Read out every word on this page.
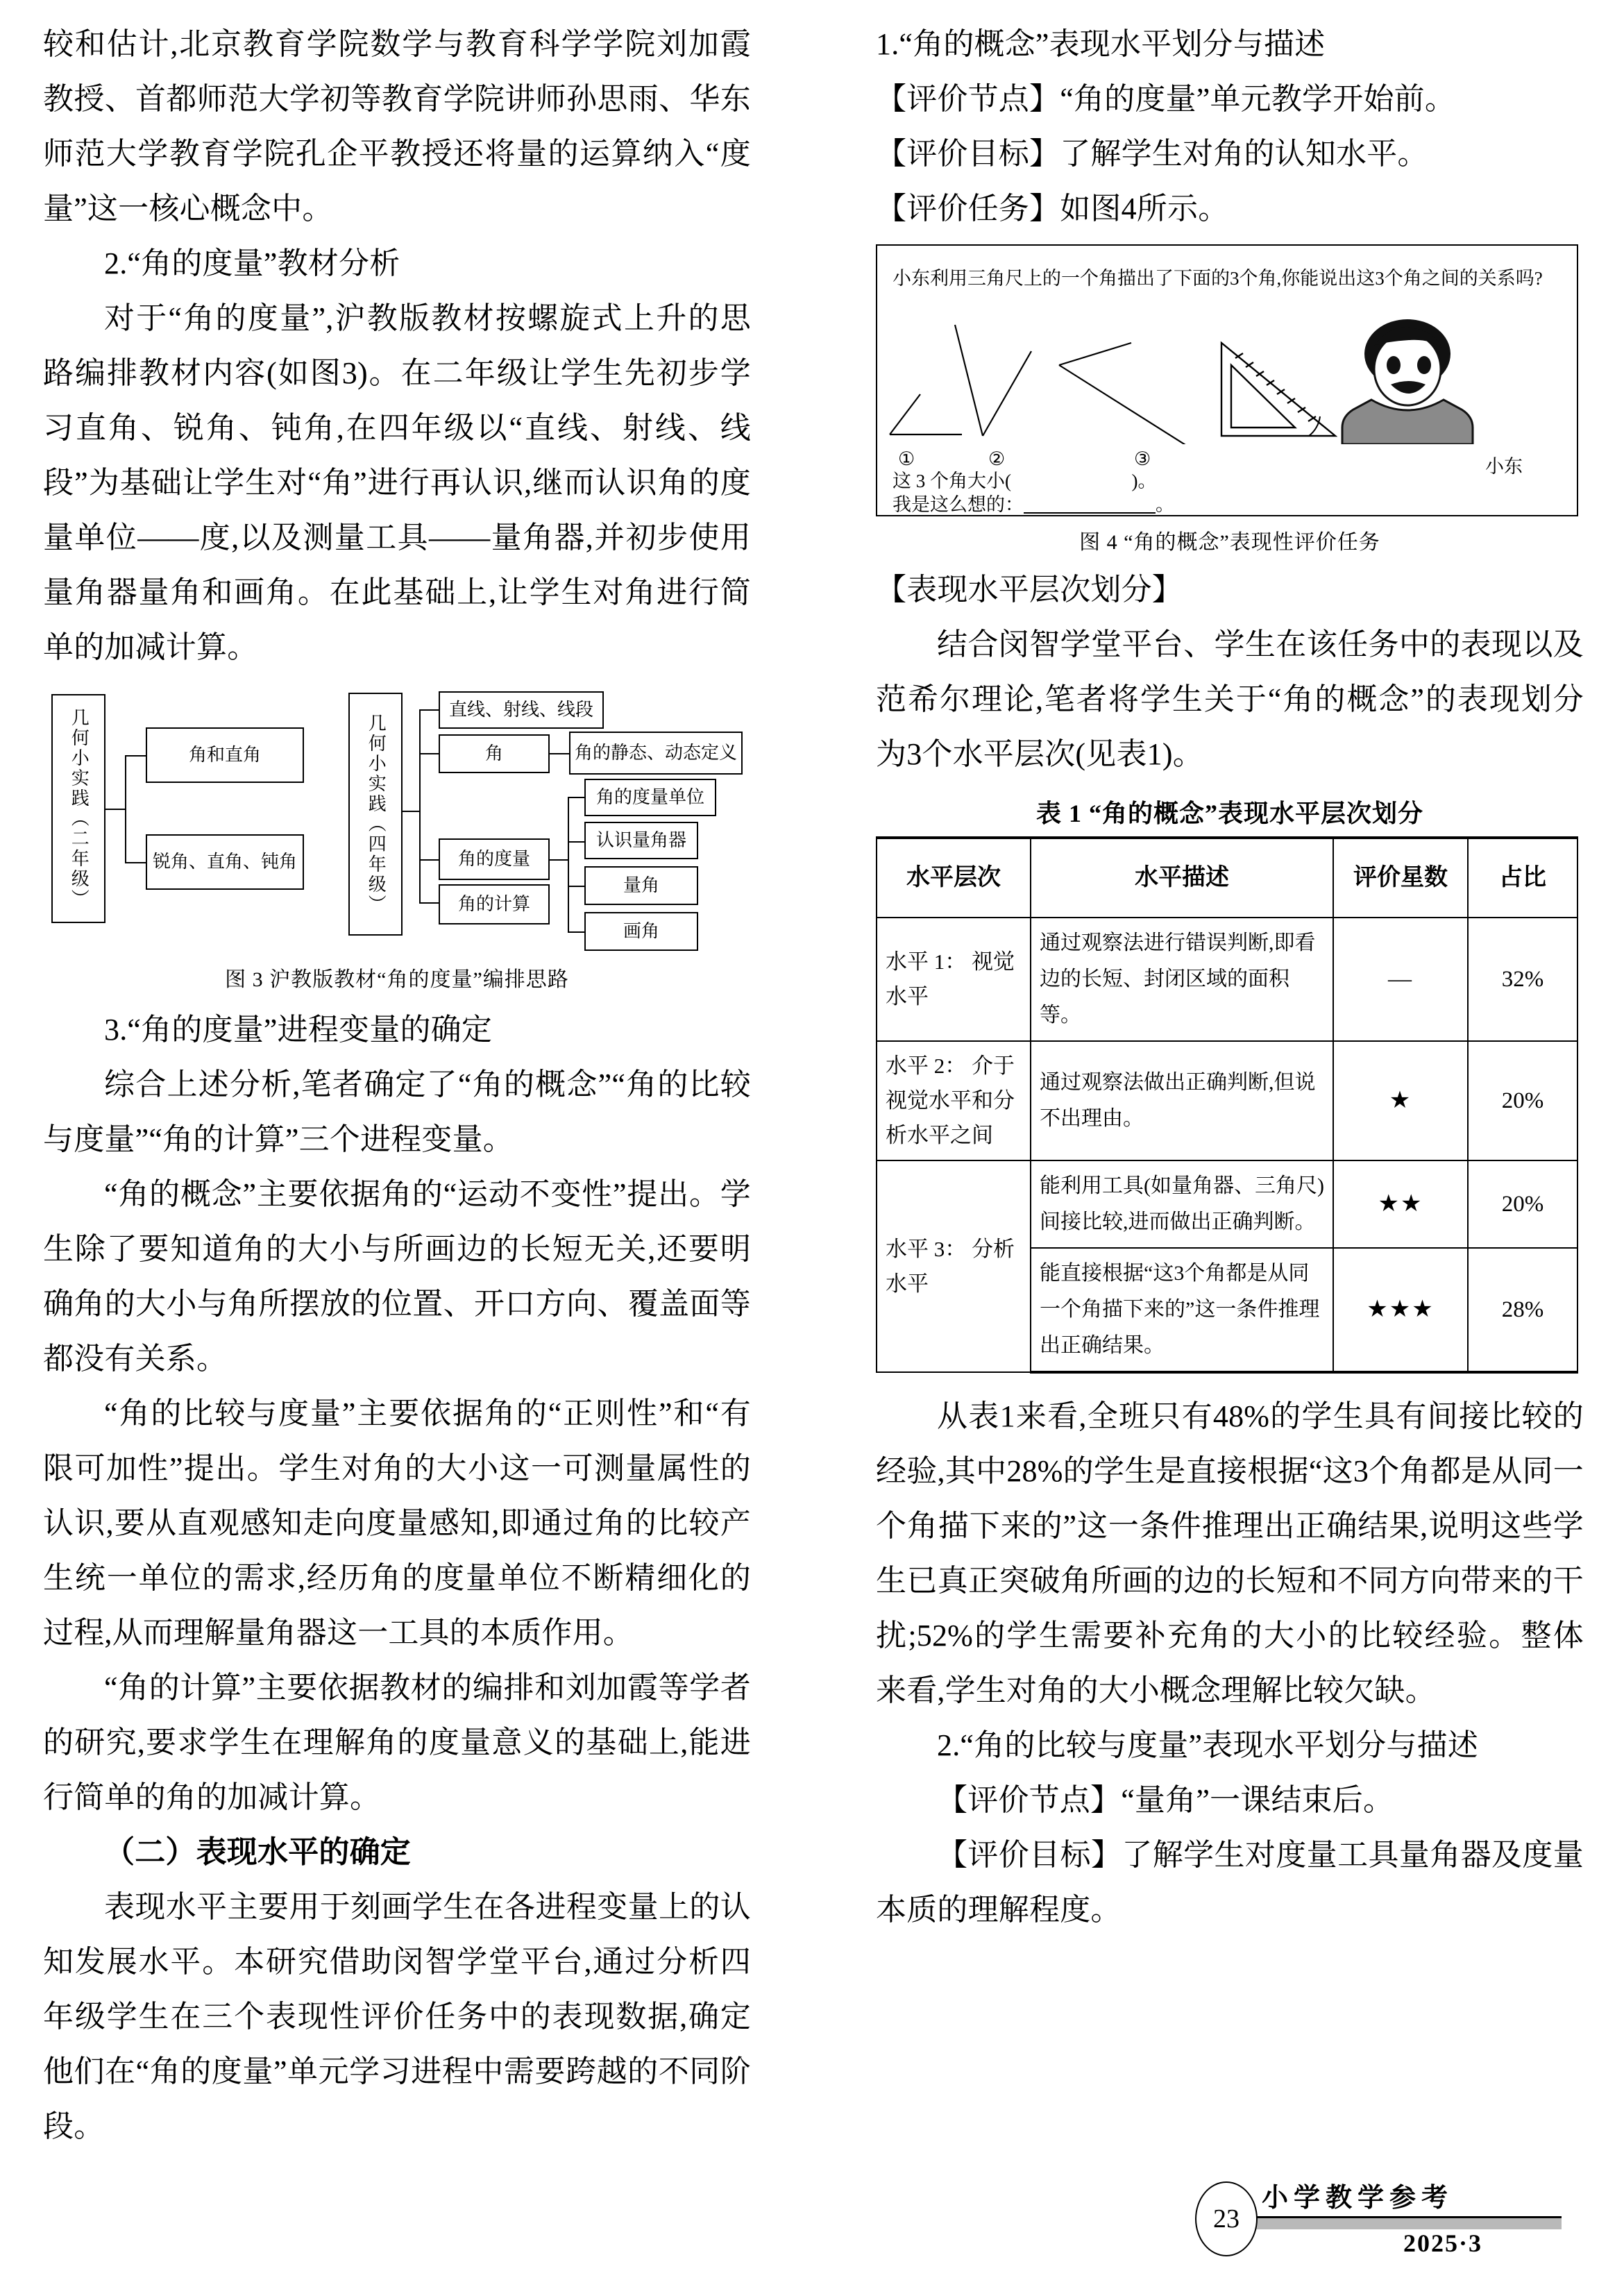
较和估计,北京教育学院数学与教育科学学院刘加霞教授、首都师范大学初等教育学院讲师孙思雨、华东师范大学教育学院孔企平教授还将量的运算纳入“度量”这一核心概念中。

2.“角的度量”教材分析

对于“角的度量”,沪教版教材按螺旋式上升的思路编排教材内容(如图3)。在二年级让学生先初步学习直角、锐角、钝角,在四年级以“直线、射线、线段”为基础让学生对“角”进行再认识,继而认识角的度量单位——度,以及测量工具——量角器,并初步使用量角器量角和画角。在此基础上,让学生对角进行简单的加减计算。

几何小实践（二年级）	角和直角
锐角、直角、钝角	几何小实践（四年级）
直线、射线、线段
角	角的静态、动态定义
角的度量
角的计算
角的度量单位
认识量角器
量角
画角
图 3 沪教版教材“角的度量”编排思路

3.“角的度量”进程变量的确定

综合上述分析,笔者确定了“角的概念”“角的比较与度量”“角的计算”三个进程变量。

“角的概念”主要依据角的“运动不变性”提出。学生除了要知道角的大小与所画边的长短无关,还要明确角的大小与角所摆放的位置、开口方向、覆盖面等都没有关系。

“角的比较与度量”主要依据角的“正则性”和“有限可加性”提出。学生对角的大小这一可测量属性的认识,要从直观感知走向度量感知,即通过角的比较产生统一单位的需求,经历角的度量单位不断精细化的过程,从而理解量角器这一工具的本质作用。

“角的计算”主要依据教材的编排和刘加霞等学者的研究,要求学生在理解角的度量意义的基础上,能进行简单的角的加减计算。

（二）表现水平的确定

表现水平主要用于刻画学生在各进程变量上的认知发展水平。本研究借助闵智学堂平台,通过分析四年级学生在三个表现性评价任务中的表现数据,确定他们在“角的度量”单元学习进程中需要跨越的不同阶段。

1.“角的概念”表现水平划分与描述

【评价节点】“角的度量”单元教学开始前。

【评价目标】了解学生对角的认知水平。

【评价任务】如图4所示。

小东利用三角尺上的一个角描出了下面的3个角,你能说出这3个角之间的关系吗?
①	②	③
这 3 个角大小(	)。
我是这么想的：	。
小东
图 4 “角的概念”表现性评价任务

【表现水平层次划分】

结合闵智学堂平台、学生在该任务中的表现以及范希尔理论,笔者将学生关于“角的概念”的表现划分为3个水平层次(见表1)。

表 1 “角的概念”表现水平层次划分
水平层次	水平描述	评价星数	占比
水平 1： 视觉水平	通过观察法进行错误判断,即看边的长短、封闭区域的面积等。	—	32%
水平 2： 介于视觉水平和分析水平之间	通过观察法做出正确判断,但说不出理由。	★	20%
水平 3： 分析水平	能利用工具(如量角器、三角尺)间接比较,进而做出正确判断。	★★	20%
	能直接根据“这3个角都是从同一个角描下来的”这一条件推理出正确结果。	★★★	28%

从表1来看,全班只有48%的学生具有间接比较的经验,其中28%的学生是直接根据“这3个角都是从同一个角描下来的”这一条件推理出正确结果,说明这些学生已真正突破角所画的边的长短和不同方向带来的干扰;52%的学生需要补充角的大小的比较经验。整体来看,学生对角的大小概念理解比较欠缺。

2.“角的比较与度量”表现水平划分与描述

【评价节点】“量角”一课结束后。

【评价目标】了解学生对度量工具量角器及度量本质的理解程度。

小学教学参考
23
2025·3
